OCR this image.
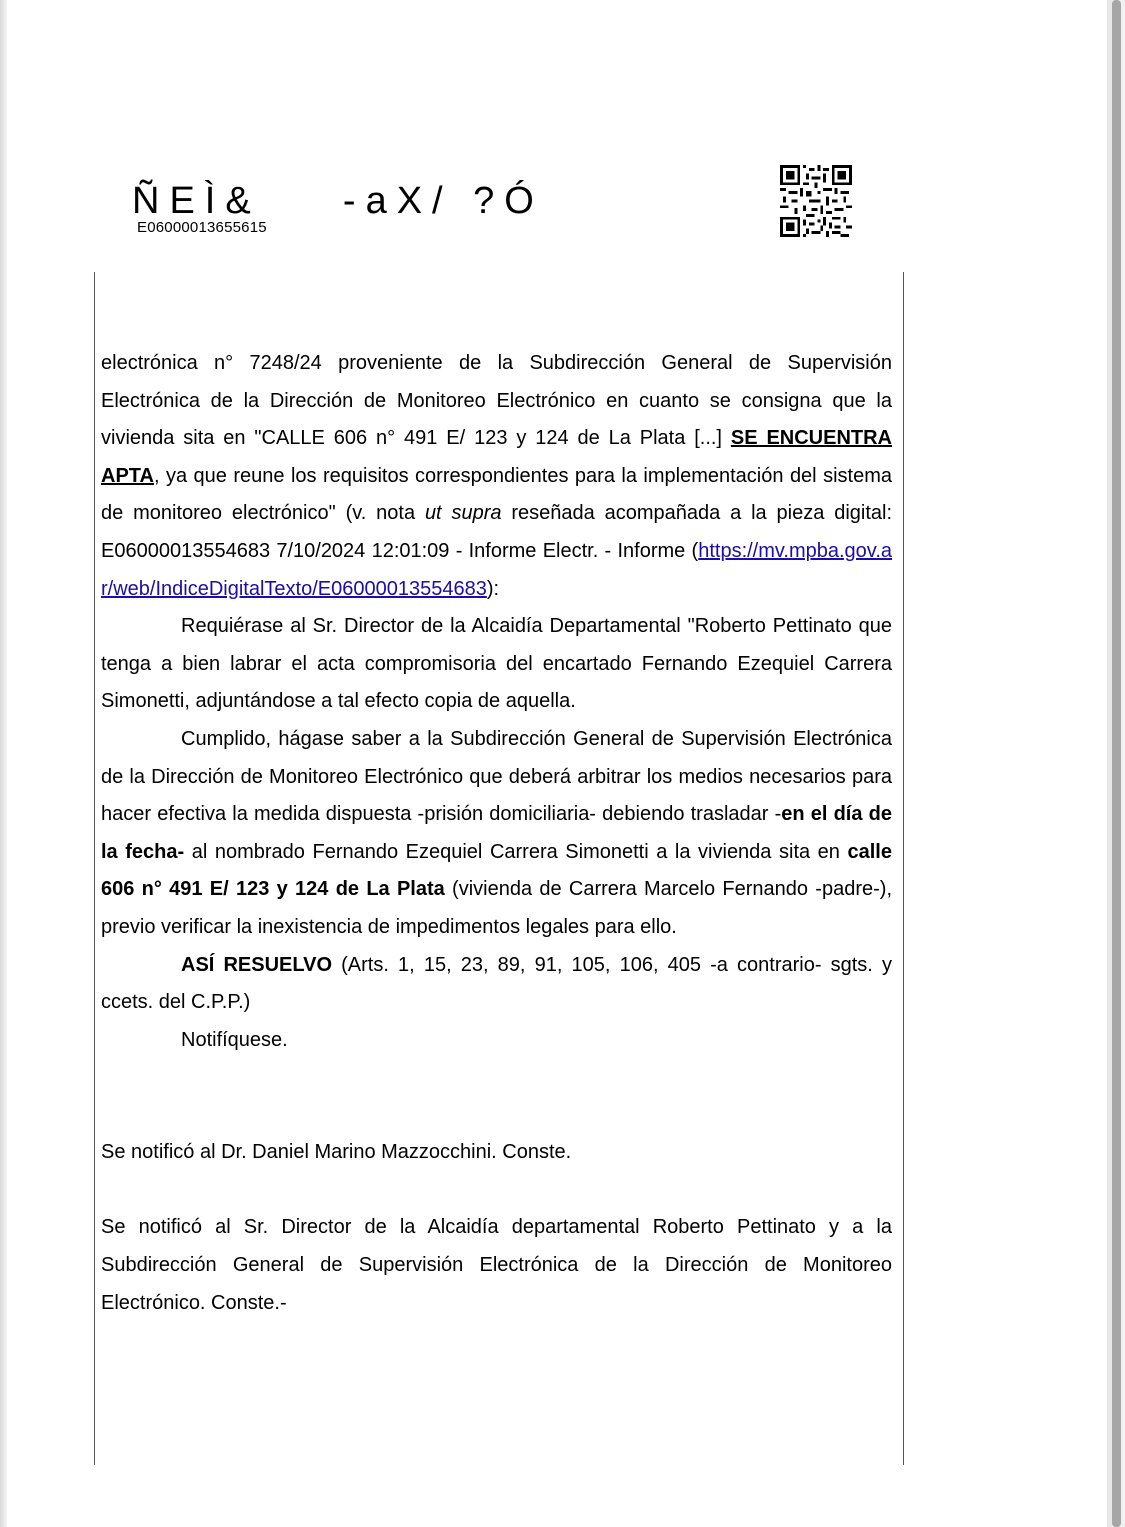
ÑEÌ&    -aX/ ?Ó
E06000013655615

electrónica n° 7248/24 proveniente de la Subdirección General de Supervisión Electrónica de la Dirección de Monitoreo Electrónico en cuanto se consigna que la vivienda sita en "CALLE 606 n° 491 E/ 123 y 124 de La Plata [...] SE ENCUENTRA APTA, ya que reune los requisitos correspondientes para la implementación del sistema de monitoreo electrónico" (v. nota ut supra reseñada acompañada a la pieza digital: E06000013554683 7/10/2024 12:01:09 - Informe Electr. - Informe (https://mv.mpba.gov.ar/web/IndiceDigitalTexto/E06000013554683):

Requiérase al Sr. Director de la Alcaidía Departamental "Roberto Pettinato que tenga a bien labrar el acta compromisoria del encartado Fernando Ezequiel Carrera Simonetti, adjuntándose a tal efecto copia de aquella.

Cumplido, hágase saber a la Subdirección General de Supervisión Electrónica de la Dirección de Monitoreo Electrónico que deberá arbitrar los medios necesarios para hacer efectiva la medida dispuesta -prisión domiciliaria- debiendo trasladar -en el día de la fecha- al nombrado Fernando Ezequiel Carrera Simonetti a la vivienda sita en calle 606 n° 491 E/ 123 y 124 de La Plata (vivienda de Carrera Marcelo Fernando -padre-), previo verificar la inexistencia de impedimentos legales para ello.

ASÍ RESUELVO (Arts. 1, 15, 23, 89, 91, 105, 106, 405 -a contrario- sgts. y ccets. del C.P.P.)

Notifíquese.

Se notificó al Dr. Daniel Marino Mazzocchini. Conste.

Se notificó al Sr. Director de la Alcaidía departamental Roberto Pettinato y a la Subdirección General de Supervisión Electrónica de la Dirección de Monitoreo Electrónico. Conste.-
